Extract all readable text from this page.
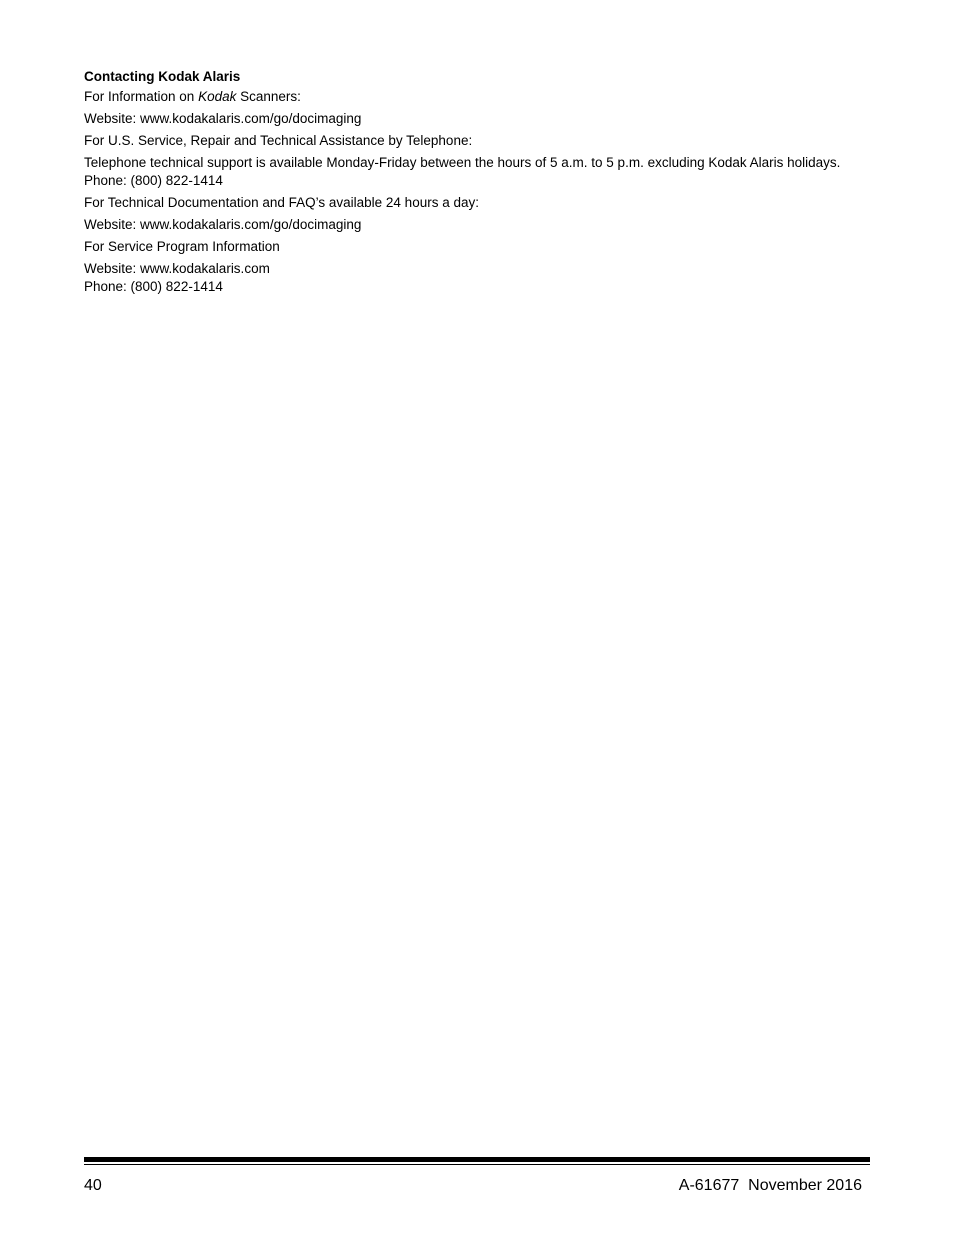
Contacting Kodak Alaris
For Information on Kodak Scanners:
Website: www.kodakalaris.com/go/docimaging
For U.S. Service, Repair and Technical Assistance by Telephone:
Telephone technical support is available Monday-Friday between the hours of 5 a.m. to 5 p.m. excluding Kodak Alaris holidays.
Phone: (800) 822-1414
For Technical Documentation and FAQ’s available 24 hours a day:
Website: www.kodakalaris.com/go/docimaging
For Service Program Information
Website: www.kodakalaris.com
Phone: (800) 822-1414
40	A-61677  November 2016
